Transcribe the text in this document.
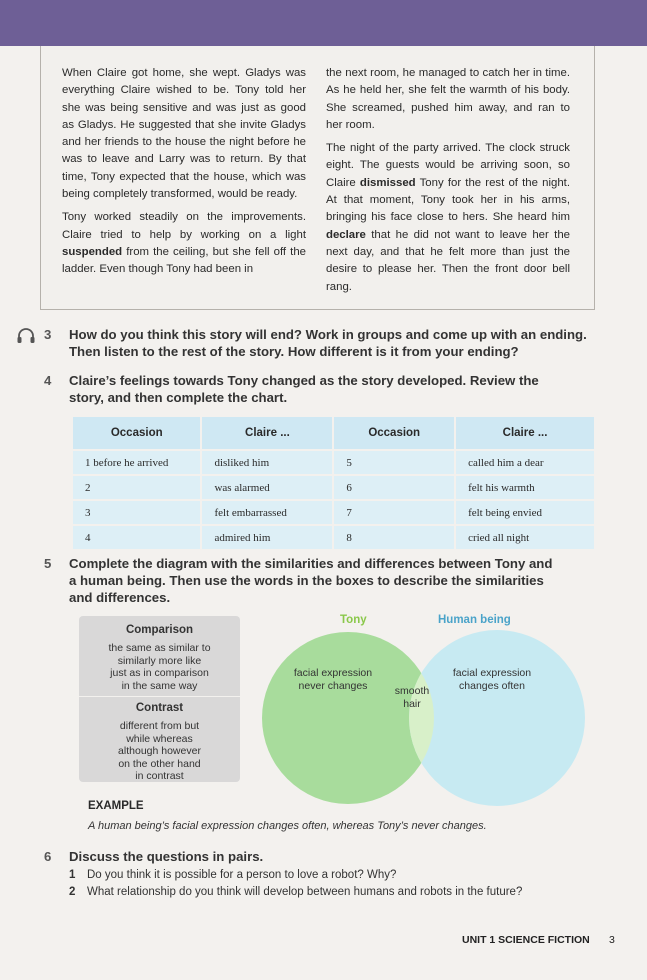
When Claire got home, she wept. Gladys was everything Claire wished to be. Tony told her she was being sensitive and was just as good as Gladys. He suggested that she invite Gladys and her friends to the house the night before he was to leave and Larry was to return. By that time, Tony expected that the house, which was being completely transformed, would be ready.

Tony worked steadily on the improvements. Claire tried to help by working on a light suspended from the ceiling, but she fell off the ladder. Even though Tony had been in

the next room, he managed to catch her in time. As he held her, she felt the warmth of his body. She screamed, pushed him away, and ran to her room.

The night of the party arrived. The clock struck eight. The guests would be arriving soon, so Claire dismissed Tony for the rest of the night. At that moment, Tony took her in his arms, bringing his face close to hers. She heard him declare that he did not want to leave her the next day, and that he felt more than just the desire to please her. Then the front door bell rang.

3 How do you think this story will end? Work in groups and come up with an ending.
Then listen to the rest of the story. How different is it from your ending?
4 Claire’s feelings towards Tony changed as the story developed. Review the
story, and then complete the chart.
Occasion	Claire ...	Occasion	Claire ...
1 before he arrived	disliked him	5	called him a dear
2	was alarmed	6	felt his warmth
3	felt embarrassed	7	felt being envied
4	admired him	8	cried all night
5 Complete the diagram with the similarities and differences between Tony and
a human being. Then use the words in the boxes to describe the similarities
and differences.
Comparison
the same as similar to
similarly more like
just as in comparison
in the same way
Contrast
different from but
while whereas
although however
on the other hand
in contrast
Tony	Human being
facial expression
never changes	smooth
hair
facial expression
changes often
EXAMPLE
A human being’s facial expression changes often, whereas Tony’s never changes.
6 Discuss the questions in pairs.
1 Do you think it is possible for a person to love a robot? Why?
2 What relationship do you think will develop between humans and robots in the future?
UNIT 1 SCIENCE FICTION 3
